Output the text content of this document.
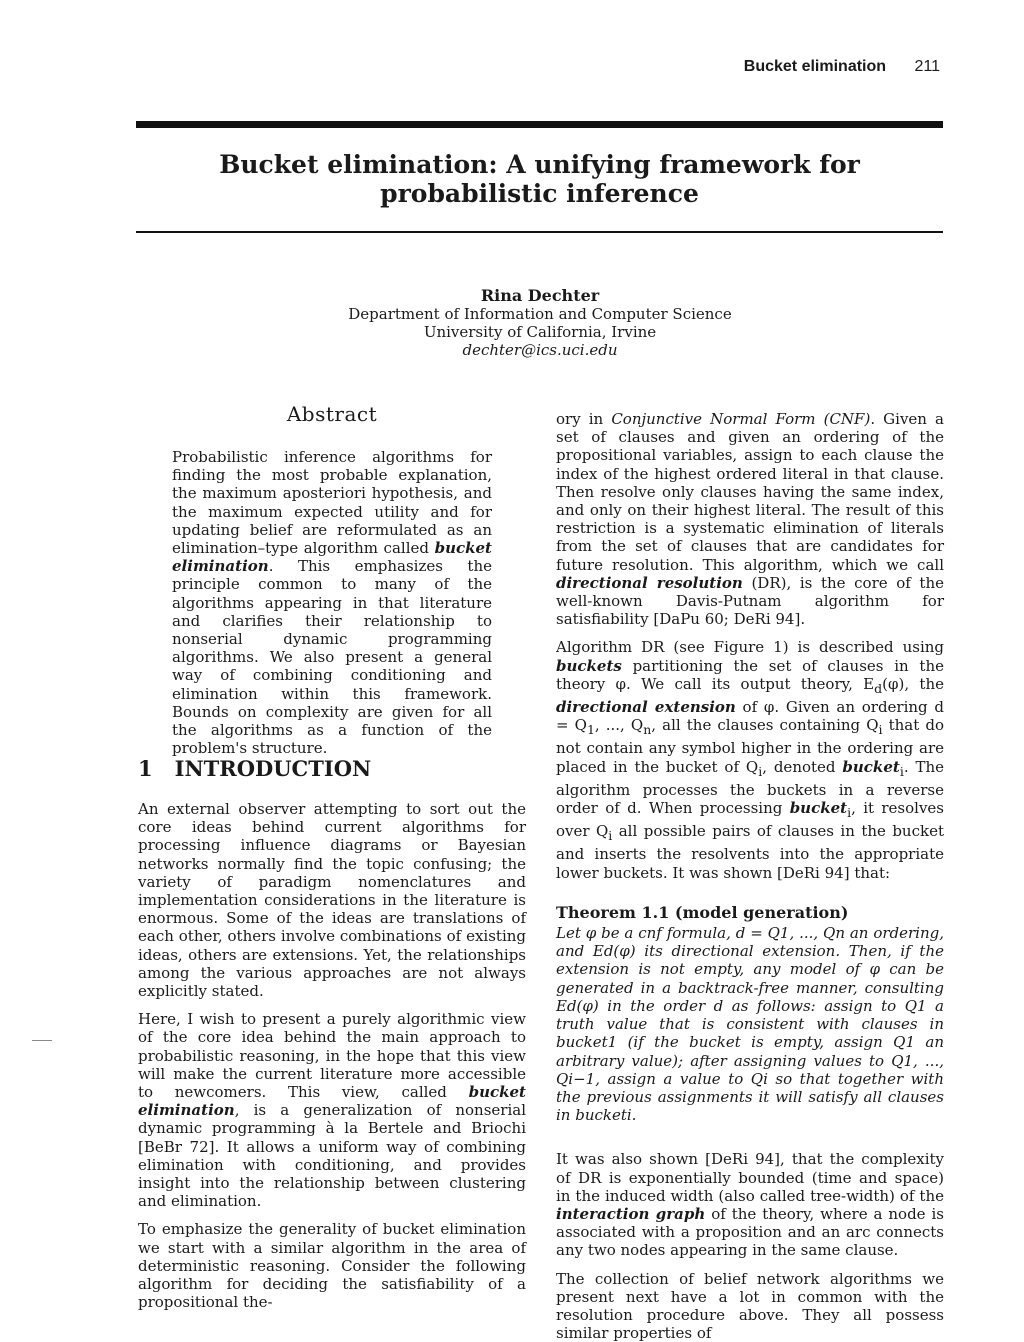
Bucket elimination 211
Bucket elimination: A unifying framework for probabilistic inference
Rina Dechter
Department of Information and Computer Science
University of California, Irvine
dechter@ics.uci.edu
Abstract
Probabilistic inference algorithms for finding the most probable explanation, the maximum aposteriori hypothesis, and the maximum expected utility and for updating belief are reformulated as an elimination–type algorithm called bucket elimination. This emphasizes the principle common to many of the algorithms appearing in that literature and clarifies their relationship to nonserial dynamic programming algorithms. We also present a general way of combining conditioning and elimination within this framework. Bounds on complexity are given for all the algorithms as a function of the problem's structure.
1 INTRODUCTION

An external observer attempting to sort out the core ideas behind current algorithms for processing influence diagrams or Bayesian networks normally find the topic confusing; the variety of paradigm nomenclatures and implementation considerations in the literature is enormous. Some of the ideas are translations of each other, others involve combinations of existing ideas, others are extensions. Yet, the relationships among the various approaches are not always explicitly stated.

Here, I wish to present a purely algorithmic view of the core idea behind the main approach to probabilistic reasoning, in the hope that this view will make the current literature more accessible to newcomers. This view, called bucket elimination, is a generalization of nonserial dynamic programming à la Bertele and Briochi [BeBr 72]. It allows a uniform way of combining elimination with conditioning, and provides insight into the relationship between clustering and elimination.

To emphasize the generality of bucket elimination we start with a similar algorithm in the area of deterministic reasoning. Consider the following algorithm for deciding the satisfiability of a propositional the-

ory in Conjunctive Normal Form (CNF). Given a set of clauses and given an ordering of the propositional variables, assign to each clause the index of the highest ordered literal in that clause. Then resolve only clauses having the same index, and only on their highest literal. The result of this restriction is a systematic elimination of literals from the set of clauses that are candidates for future resolution. This algorithm, which we call directional resolution (DR), is the core of the well-known Davis-Putnam algorithm for satisfiability [DaPu 60; DeRi 94].

Algorithm DR (see Figure 1) is described using buckets partitioning the set of clauses in the theory φ. We call its output theory, $E_d(\varphi)$, the directional extension of φ. Given an ordering $d = Q_1$, ..., $Q_n$, all the clauses containing $Q_i$ that do not contain any symbol higher in the ordering are placed in the bucket of $Q_i$, denoted bucket$_i$. The algorithm processes the buckets in a reverse order of d. When processing bucket$_i$, it resolves over $Q_i$ all possible pairs of clauses in the bucket and inserts the resolvents into the appropriate lower buckets. It was shown [DeRi 94] that:

Theorem 1.1 (model generation)

Let φ be a cnf formula, d = Q1, ..., Qn an ordering, and Ed(φ) its directional extension. Then, if the extension is not empty, any model of φ can be generated in a backtrack-free manner, consulting Ed(φ) in the order d as follows: assign to Q1 a truth value that is consistent with clauses in bucket1 (if the bucket is empty, assign Q1 an arbitrary value); after assigning values to Q1, ..., Qi−1, assign a value to Qi so that together with the previous assignments it will satisfy all clauses in bucketi.

It was also shown [DeRi 94], that the complexity of DR is exponentially bounded (time and space) in the induced width (also called tree-width) of the interaction graph of the theory, where a node is associated with a proposition and an arc connects any two nodes appearing in the same clause.

The collection of belief network algorithms we present next have a lot in common with the resolution procedure above. They all possess similar properties of
